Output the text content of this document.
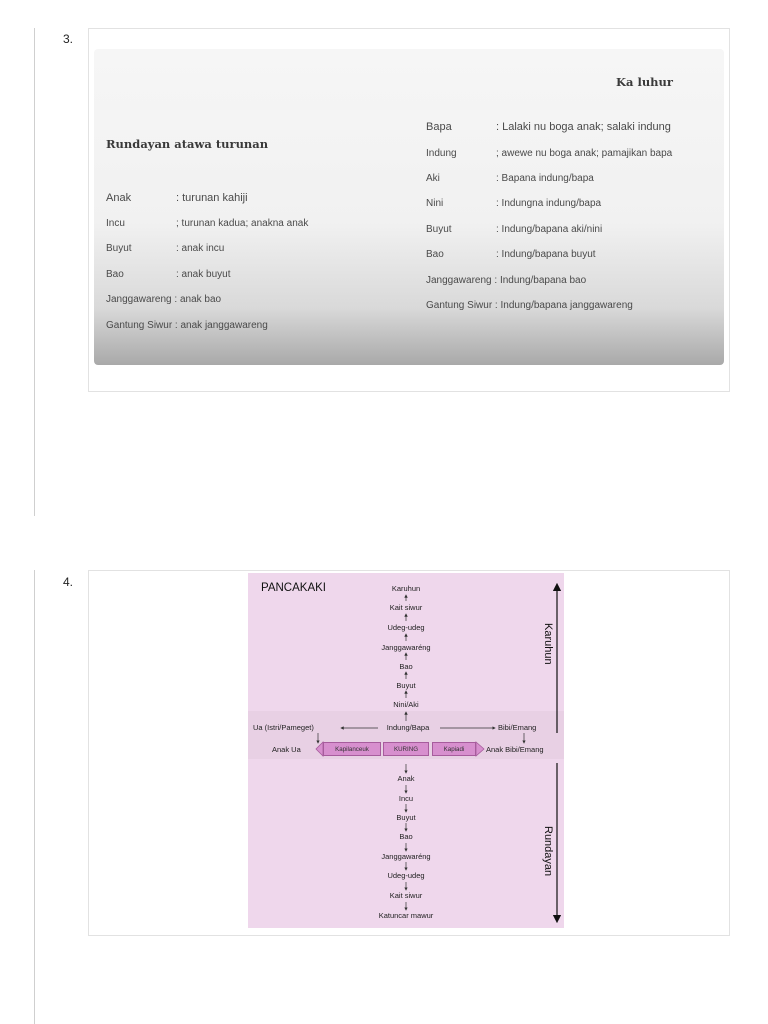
3.
Ka luhur
Rundayan atawa turunan
Anak	: turunan kahiji
Incu	; turunan kadua; anakna anak
Buyut	: anak incu
Bao	: anak buyut
Janggawareng : anak bao
Gantung Siwur : anak janggawareng
Bapa	: Lalaki nu boga anak; salaki indung
Indung	; awewe nu boga anak; pamajikan bapa
Aki	: Bapana indung/bapa
Nini	: Indungna indung/bapa
Buyut	: Indung/bapana aki/nini
Bao	: Indung/bapana buyut
Janggawareng : Indung/bapana bao
Gantung Siwur : Indung/bapana janggawareng
4.	PANCAKAKI	Karuhun
Kait siwur
Udeg-udeg
Janggawaréng
Bao
Buyut
Nini/Aki
Indung/Bapa
Ua (Istri/Pameget)	Bibi/Emang
Anak Ua	Anak Bibi/Emang
Kapilanceuk	KURING	Kapiadi
Anak
Incu
Buyut
Bao
Janggawaréng
Udeg-udeg
Kait siwur
Katuncar mawur
Karuhun
Rundayan
